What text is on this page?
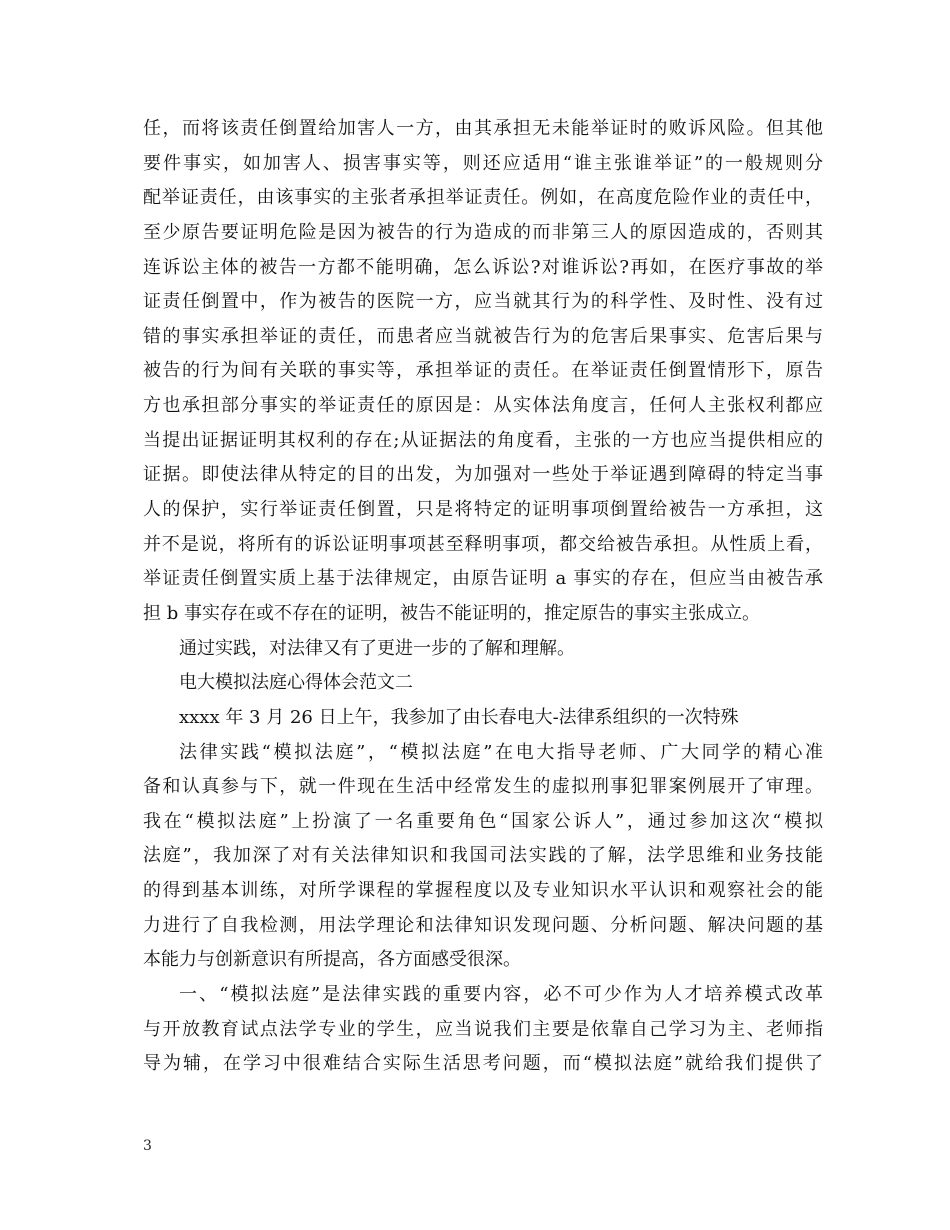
任，而将该责任倒置给加害人一方，由其承担无未能举证时的败诉风险。但其他
要件事实，如加害人、损害事实等，则还应适用“谁主张谁举证”的一般规则分
配举证责任，由该事实的主张者承担举证责任。例如，在高度危险作业的责任中，
至少原告要证明危险是因为被告的行为造成的而非第三人的原因造成的，否则其
连诉讼主体的被告一方都不能明确，怎么诉讼?对谁诉讼?再如，在医疗事故的举
证责任倒置中，作为被告的医院一方，应当就其行为的科学性、及时性、没有过
错的事实承担举证的责任，而患者应当就被告行为的危害后果事实、危害后果与
被告的行为间有关联的事实等，承担举证的责任。在举证责任倒置情形下，原告
方也承担部分事实的举证责任的原因是：从实体法角度言，任何人主张权利都应
当提出证据证明其权利的存在;从证据法的角度看，主张的一方也应当提供相应的
证据。即使法律从特定的目的出发，为加强对一些处于举证遇到障碍的特定当事
人的保护，实行举证责任倒置，只是将特定的证明事项倒置给被告一方承担，这
并不是说，将所有的诉讼证明事项甚至释明事项，都交给被告承担。从性质上看，
举证责任倒置实质上基于法律规定，由原告证明 a 事实的存在，但应当由被告承
担 b 事实存在或不存在的证明，被告不能证明的，推定原告的事实主张成立。
通过实践，对法律又有了更进一步的了解和理解。
电大模拟法庭心得体会范文二
xxxx 年 3 月 26 日上午，我参加了由长春电大-法律系组织的一次特殊
法律实践“模拟法庭”，“模拟法庭”在电大指导老师、广大同学的精心准
备和认真参与下，就一件现在生活中经常发生的虚拟刑事犯罪案例展开了审理。
我在“模拟法庭”上扮演了一名重要角色“国家公诉人”，通过参加这次“模拟
法庭”，我加深了对有关法律知识和我国司法实践的了解，法学思维和业务技能
的得到基本训练，对所学课程的掌握程度以及专业知识水平认识和观察社会的能
力进行了自我检测，用法学理论和法律知识发现问题、分析问题、解决问题的基
本能力与创新意识有所提高，各方面感受很深。
一、“模拟法庭”是法律实践的重要内容，必不可少作为人才培养模式改革
与开放教育试点法学专业的学生，应当说我们主要是依靠自己学习为主、老师指
导为辅，在学习中很难结合实际生活思考问题，而“模拟法庭”就给我们提供了
3
